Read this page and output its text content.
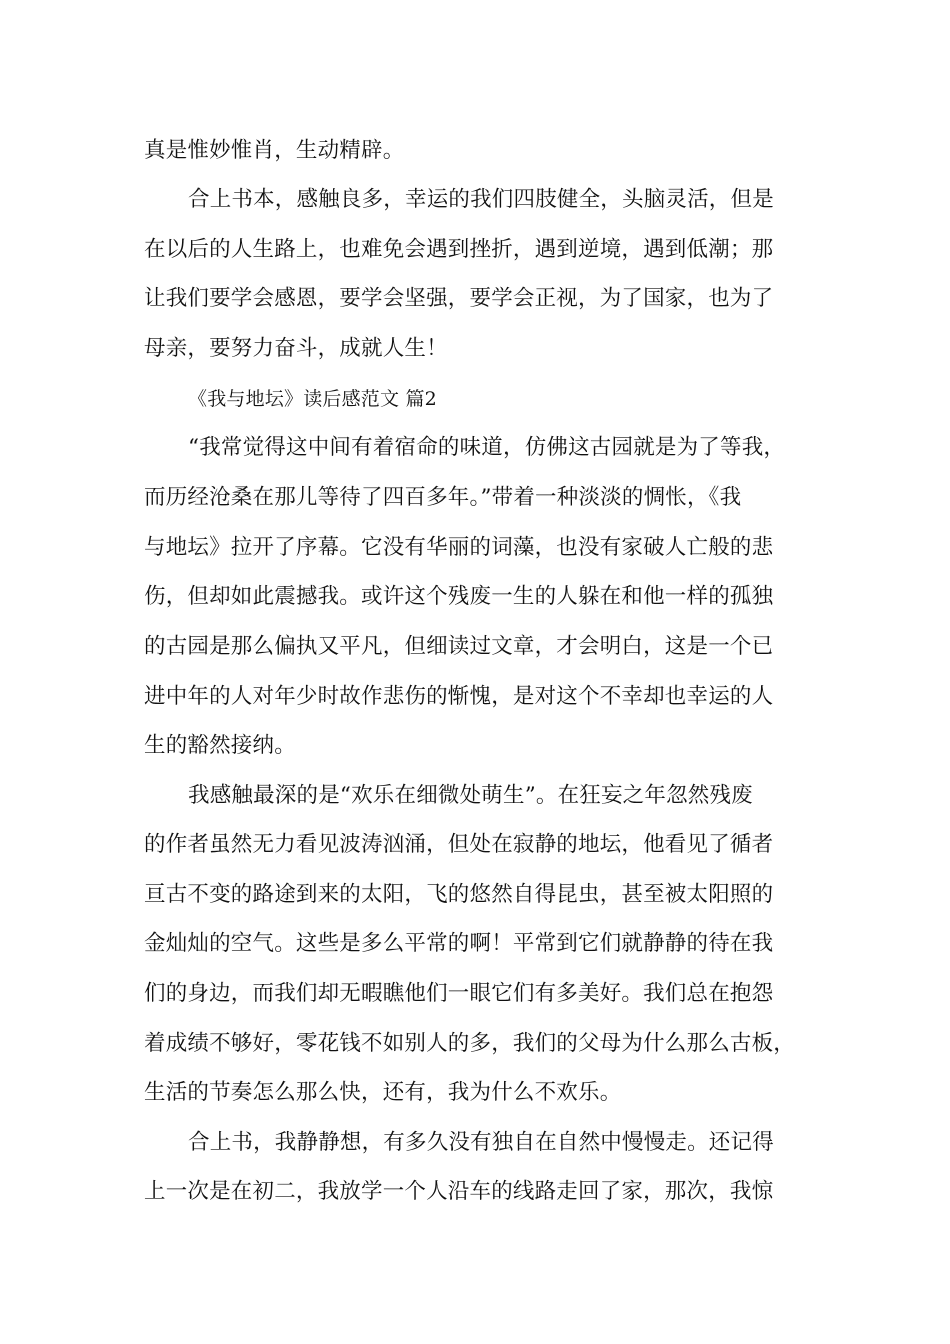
真是惟妙惟肖，生动精辟。

合上书本，感触良多，幸运的我们四肢健全，头脑灵活，但是

在以后的人生路上，也难免会遇到挫折，遇到逆境，遇到低潮；那

让我们要学会感恩，要学会坚强，要学会正视，为了国家，也为了

母亲，要努力奋斗，成就人生！

《我与地坛》读后感范文 篇2

“我常觉得这中间有着宿命的味道，仿佛这古园就是为了等我，

而历经沧桑在那儿等待了四百多年。”带着一种淡淡的惆怅，《我

与地坛》拉开了序幕。它没有华丽的词藻，也没有家破人亡般的悲

伤，但却如此震撼我。或许这个残废一生的人躲在和他一样的孤独

的古园是那么偏执又平凡，但细读过文章，才会明白，这是一个已

进中年的人对年少时故作悲伤的惭愧，是对这个不幸却也幸运的人

生的豁然接纳。

我感触最深的是“欢乐在细微处萌生”。在狂妄之年忽然残废

的作者虽然无力看见波涛汹涌，但处在寂静的地坛，他看见了循者

亘古不变的路途到来的太阳，飞的悠然自得昆虫，甚至被太阳照的

金灿灿的空气。这些是多么平常的啊！平常到它们就静静的待在我

们的身边，而我们却无暇瞧他们一眼它们有多美好。我们总在抱怨

着成绩不够好，零花钱不如别人的多，我们的父母为什么那么古板，

生活的节奏怎么那么快，还有，我为什么不欢乐。

合上书，我静静想，有多久没有独自在自然中慢慢走。还记得

上一次是在初二，我放学一个人沿车的线路走回了家，那次，我惊
